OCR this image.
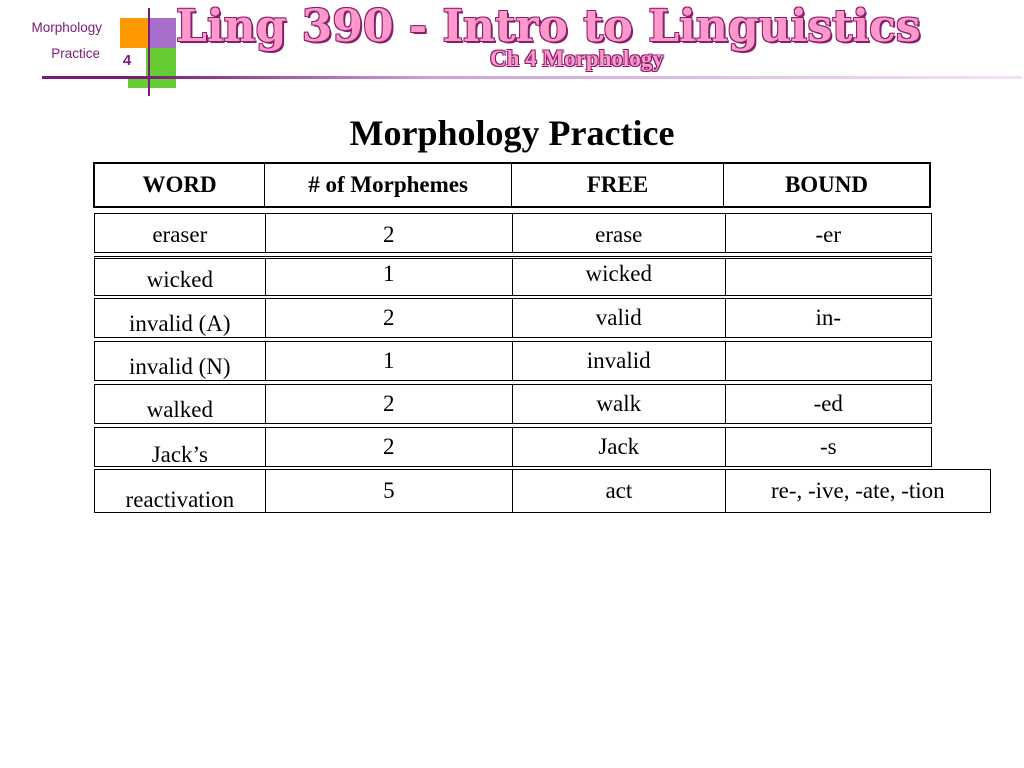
Morphology
Practice	4
Ling 390 - Intro to Linguistics
Ch 4 Morphology
Morphology Practice
WORD	# of Morphemes	FREE	BOUND
eraser	2	erase	-er
wicked	1	wicked
invalid (A)	2	valid	in-
invalid (N)	1	invalid
walked	2	walk	-ed
Jack’s	2	Jack	-s
reactivation	5	act	re-, -ive, -ate, -tion
